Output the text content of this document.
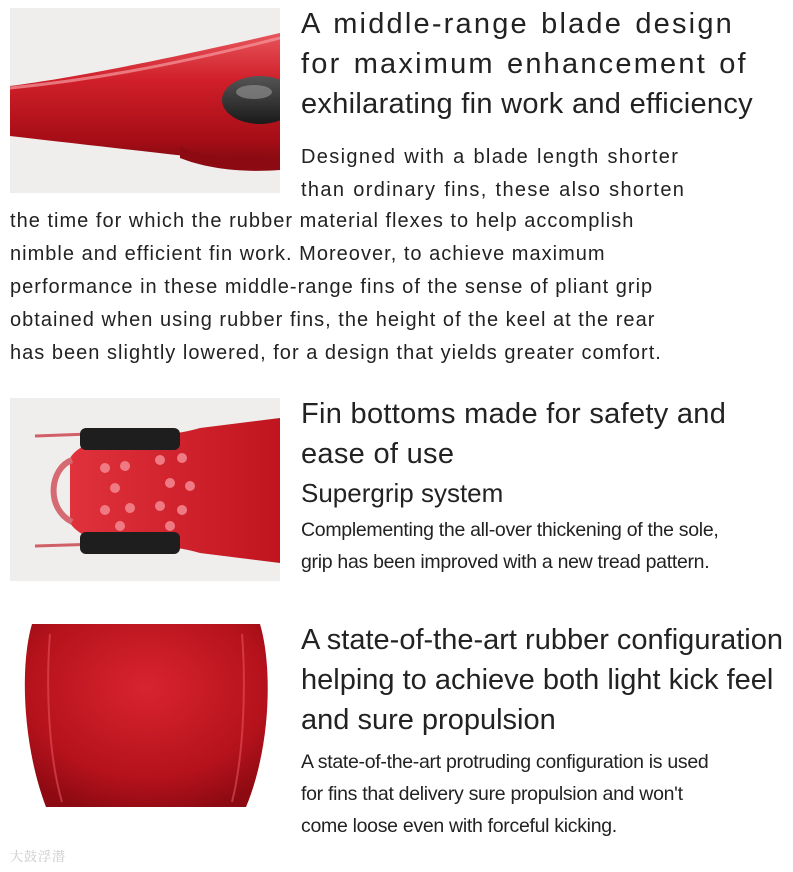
A middle-range blade design

for maximum enhancement of

exhilarating fin work and efficiency

Designed with a blade length shorter

than ordinary fins, these also shorten

the time for which the rubber material flexes to help accomplish

nimble and efficient fin work. Moreover, to achieve maximum

performance in these middle-range fins of the sense of pliant grip

obtained when using rubber fins, the height of the keel at the rear

has been slightly lowered, for a design that yields greater comfort.

Fin bottoms made for safety and

ease of use

Supergrip system

Complementing the all-over thickening of the sole,

grip has been improved with a new tread pattern.

A state-of-the-art rubber configuration

helping to achieve both light kick feel

and sure propulsion

A state-of-the-art protruding configuration is used

for fins that delivery sure propulsion and won't

come loose even with forceful kicking.

大鼓浮潜
